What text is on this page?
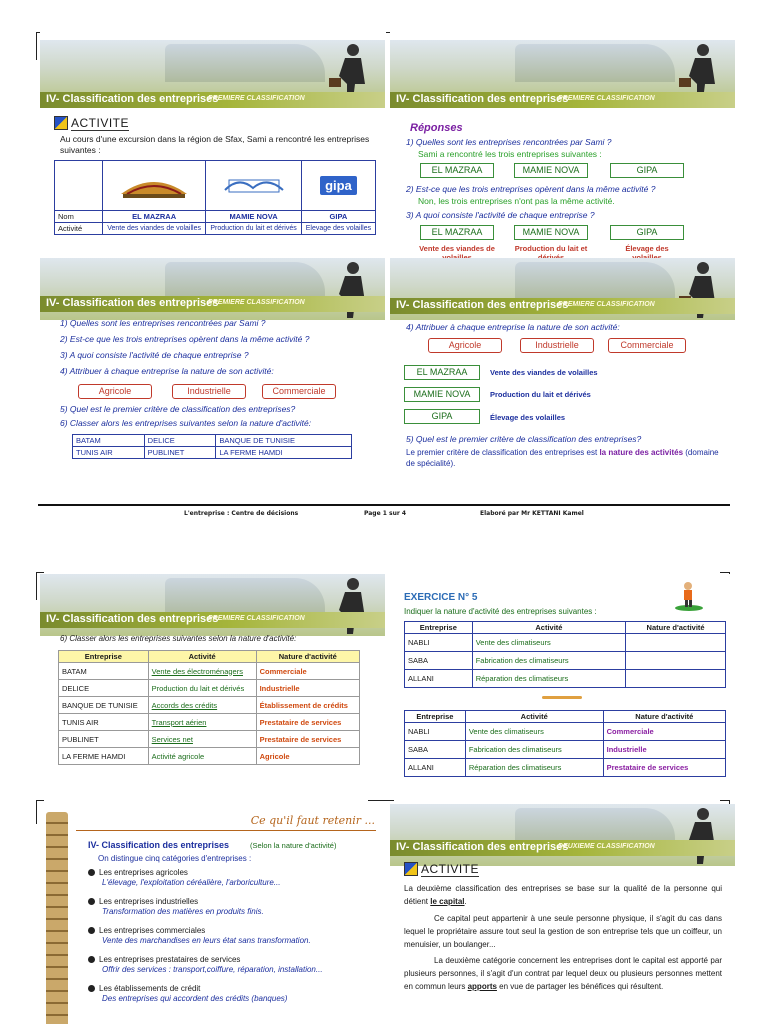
IV- Classification des entreprises
PREMIERE CLASSIFICATION
ACTIVITE
Au cours d'une excursion dans la région de Sfax, Sami a rencontré les entreprises suivantes :
			gipa
Nom	EL MAZRAA	MAMIE NOVA	GIPA
Activité	Vente des viandes de volailles	Production du lait et dérivés	Elevage des volailles
IV- Classification des entreprises
PREMIERE CLASSIFICATION
Réponses
1) Quelles sont les entreprises rencontrées par Sami ?
Sami a rencontré les trois entreprises suivantes :
EL MAZRAA	MAMIE NOVA	GIPA
2) Est-ce que les trois entreprises opèrent dans la même activité ?
Non, les trois entreprises n'ont pas la même activité.
3) A quoi consiste l'activité de chaque entreprise ?
EL MAZRAA	MAMIE NOVA	GIPA
Vente des viandes de	Production du lait et	Élevage des
IV- Classification des entreprises
PREMIERE CLASSIFICATION
1) Quelles sont les entreprises rencontrées par Sami ?
2) Est-ce que les trois entreprises opèrent dans la même activité ?
3) A quoi consiste l'activité de chaque entreprise ?
4) Attribuer à chaque entreprise la nature de son activité:
Agricole	Industrielle	Commerciale
5) Quel est le premier critère de classification des entreprises?
6) Classer alors les entreprises suivantes selon la nature d'activité:
BATAM	DELICE	BANQUE DE TUNISIE
TUNIS AIR	PUBLINET	LA FERME HAMDI
IV- Classification des entreprises
PREMIERE CLASSIFICATION
4) Attribuer à chaque entreprise la nature de son activité:
Agricole	Industrielle	Commerciale
EL MAZRAA	Vente des viandes de volailles
MAMIE NOVA	Production du lait et dérivés
GIPA	Élevage des volailles
5) Quel est le premier critère de classification des entreprises?
Le premier critère de classification des entreprises est la nature des activités (domaine de spécialité).
L'entreprise : Centre de décisions	Page 1 sur 4	Elaboré par Mr KETTANI Kamel
IV- Classification des entreprises
PREMIERE CLASSIFICATION
6) Classer alors les entreprises suivantes selon la nature d'activité:
Entreprise	Activité	Nature d'activité
BATAM	Vente des électroménagers	Commerciale
DELICE	Production du lait et dérivés	Industrielle
BANQUE DE TUNISIE	Accords des crédits	Établissement de crédits
TUNIS AIR	Transport aérien	Prestataire de services
PUBLINET	Services net	Prestataire de services
LA FERME HAMDI	Activité agricole	Agricole
EXERCICE N° 5
Indiquer la nature d'activité des entreprises suivantes :
Entreprise	Activité	Nature d'activité
NABLI	Vente des climatiseurs	
SABA	Fabrication des climatiseurs	
ALLANI	Réparation des climatiseurs	
Entreprise	Activité	Nature d'activité
NABLI	Vente des climatiseurs	Commerciale
SABA	Fabrication des climatiseurs	Industrielle
ALLANI	Réparation des climatiseurs	Prestataire de services
Ce qu'il faut retenir ...
IV- Classification des entreprises	(Selon la nature d'activité)
On distingue cinq catégories d'entreprises :
Les entreprises agricoles
L'élevage, l'exploitation céréalière, l'arboriculture...
Les entreprises industrielles
Transformation des matières en produits finis.
Les entreprises commerciales
Vente des marchandises en leurs état sans transformation.
Les entreprises prestataires de services
Offrir des services : transport,coiffure, réparation, installation...
Les établissements de crédit
Des entreprises qui accordent des crédits (banques)
IV- Classification des entreprises
DEUXIEME CLASSIFICATION
ACTIVITE
La deuxième classification des entreprises se base sur la qualité de la personne qui détient le capital.
Ce capital peut appartenir à une seule personne physique, il s'agit du cas dans lequel le propriétaire assure tout seul la gestion de son entreprise tels que un coiffeur, un menuisier, un boulanger...
La deuxième catégorie concernent les entreprises dont le capital est apporté par plusieurs personnes, il s'agit d'un contrat par lequel deux ou plusieurs personnes mettent en commun leurs apports en vue de partager les bénéfices qui résultent.
